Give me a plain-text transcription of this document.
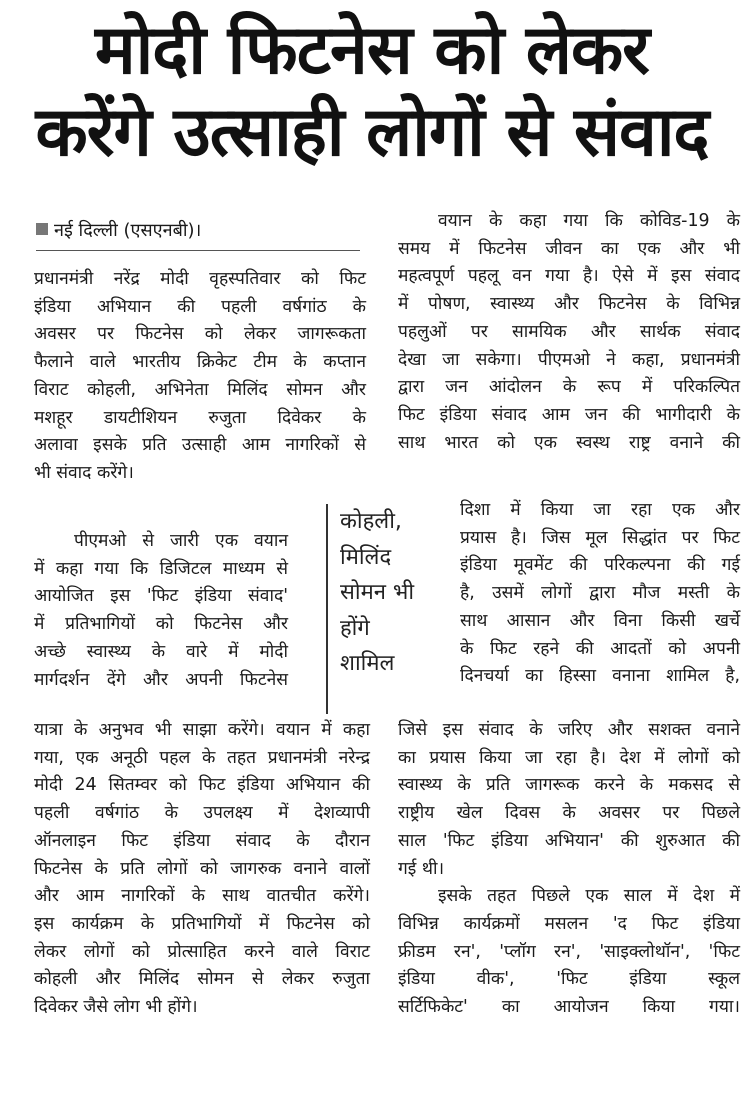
मोदी फिटनेस को लेकर
करेंगे उत्साही लोगों से संवाद
नई दिल्ली (एसएनबी)।
प्रधानमंत्री नरेंद्र मोदी वृहस्पतिवार को फिट
इंडिया अभियान की पहली वर्षगांठ के
अवसर पर फिटनेस को लेकर जागरूकता
फैलाने वाले भारतीय क्रिकेट टीम के कप्तान
विराट कोहली, अभिनेता मिलिंद सोमन और
मशहूर डायटीशियन रुजुता दिवेकर के
अलावा इसके प्रति उत्साही आम नागरिकों से
भी संवाद करेंगे।
पीएमओ से जारी एक वयान
में कहा गया कि डिजिटल माध्यम से
आयोजित इस 'फिट इंडिया संवाद'
में प्रतिभागियों को फिटनेस और
अच्छे स्वास्थ्य के वारे में मोदी
मार्गदर्शन देंगे और अपनी फिटनेस
यात्रा के अनुभव भी साझा करेंगे। वयान में कहा
गया, एक अनूठी पहल के तहत प्रधानमंत्री नरेन्द्र
मोदी 24 सितम्वर को फिट इंडिया अभियान की
पहली वर्षगांठ के उपलक्ष्य में देशव्यापी
ऑनलाइन फिट इंडिया संवाद के दौरान
फिटनेस के प्रति लोगों को जागरुक वनाने वालों
और आम नागरिकों के साथ वातचीत करेंगे।
इस कार्यक्रम के प्रतिभागियों में फिटनेस को
लेकर लोगों को प्रोत्साहित करने वाले विराट
कोहली और मिलिंद सोमन से लेकर रुजुता
दिवेकर जैसे लोग भी होंगे।
कोहली,
मिलिंद
सोमन भी
होंगे
शामिल
वयान के कहा गया कि कोविड-19 के
समय में फिटनेस जीवन का एक और भी
महत्वपूर्ण पहलू वन गया है। ऐसे में इस संवाद
में पोषण, स्वास्थ्य और फिटनेस के विभिन्न
पहलुओं पर सामयिक और सार्थक संवाद
देखा जा सकेगा। पीएमओ ने कहा, प्रधानमंत्री
द्वारा जन आंदोलन के रूप में परिकल्पित
फिट इंडिया संवाद आम जन की भागीदारी के
साथ भारत को एक स्वस्थ राष्ट्र वनाने की
दिशा में किया जा रहा एक और
प्रयास है। जिस मूल सिद्धांत पर फिट
इंडिया मूवमेंट की परिकल्पना की गई
है, उसमें लोगों द्वारा मौज मस्ती के
साथ आसान और विना किसी खर्चे
के फिट रहने की आदतों को अपनी
दिनचर्या का हिस्सा वनाना शामिल है,
जिसे इस संवाद के जरिए और सशक्त वनाने
का प्रयास किया जा रहा है। देश में लोगों को
स्वास्थ्य के प्रति जागरूक करने के मकसद से
राष्ट्रीय खेल दिवस के अवसर पर पिछले
साल 'फिट इंडिया अभियान' की शुरुआत की
गई थी।
इसके तहत पिछले एक साल में देश में
विभिन्न कार्यक्रमों मसलन 'द फिट इंडिया
फ्रीडम रन', 'प्लॉग रन', 'साइक्लोथॉन', 'फिट
इंडिया वीक', 'फिट इंडिया स्कूल
सर्टिफिकेट' का आयोजन किया गया।
